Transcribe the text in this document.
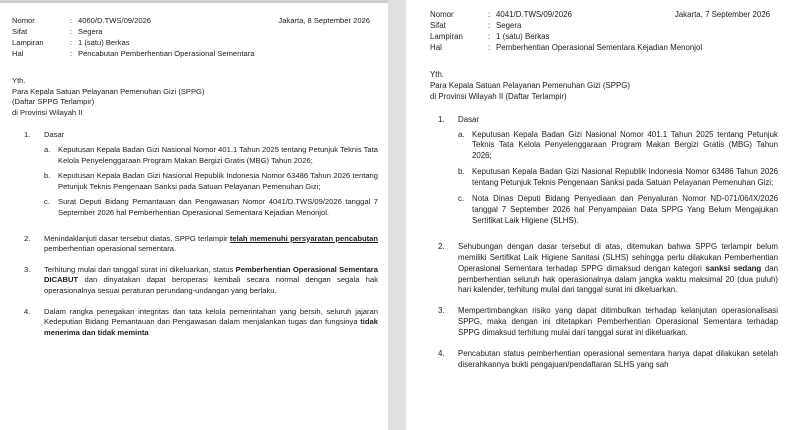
Nomor	: 4060/D.TWS/09/2026
Sifat	: Segera
Lampiran	: 1 (satu) Berkas
Hal	: Pencabutan Pemberhentian Operasional Sementara
Jakarta, 8 September 2026
Yth.
Para Kepala Satuan Pelayanan Pemenuhan Gizi (SPPG)
(Daftar SPPG Terlampir)
di Provinsi Wilayah II
1.	Dasar
a.	Keputusan Kepala Badan Gizi Nasional Nomor 401.1 Tahun 2025 tentang Petunjuk Teknis Tata Kelola Penyelenggaraan Program Makan Bergizi Gratis (MBG) Tahun 2026;
b.	Keputusan Kepala Badan Gizi Nasional Republik Indonesia Nomor 63486 Tahun 2026 tentang Petunjuk Teknis Pengenaan Sanksi pada Satuan Pelayanan Pemenuhan Gizi;
c.	Surat Deputi Bidang Pemantauan dan Pengawasan Nomor 4041/D.TWS/09/2026 tanggal 7 September 2026 hal Pemberhentian Operasional Sementara Kejadian Menonjol.
2.	Menindaklanjuti dasar tersebut diatas, SPPG terlampir telah memenuhi persyaratan pencabutan pemberhentian operasional sementara.
3.	Terhitung mulai dari tanggal surat ini dikeluarkan, status Pemberhentian Operasional Sementara DICABUT dan dinyatakan dapat beroperasi kembali secara normal dengan segala hak operasionalnya sesuai peraturan perundang-undangan yang berlaku.
4.	Dalam rangka penegakan integritas dan tata kelola pemerintahan yang bersih, seluruh jajaran Kedeputian Bidang Pemantauan dan Pengawasan dalam menjalankan tugas dan fungsinya tidak menerima dan tidak meminta
Nomor	: 4041/D.TWS/09/2026
Sifat	: Segera
Lampiran	: 1 (satu) Berkas
Hal	: Pemberhentian Operasional Sementara Kejadian Menonjol
Jakarta, 7 September 2026
Yth.
Para Kepala Satuan Pelayanan Pemenuhan Gizi (SPPG)
di Provinsi Wilayah II (Daftar Terlampir)
1.	Dasar
a. Keputusan Kepala Badan Gizi Nasional Nomor 401.1 Tahun 2025 tentang Petunjuk Teknis Tata Kelola Penyelenggaraan Program Makan Bergizi Gratis (MBG) Tahun 2026;
b. Keputusan Kepala Badan Gizi Nasional Republik Indonesia Nomor 63486 Tahun 2026 tentang Petunjuk Teknis Pengenaan Sanksi pada Satuan Pelayanan Pemenuhan Gizi;
c. Nota Dinas Deputi Bidang Penyediaan dan Penyaluran Nomor ND-071/06/IX/2026 tanggal 7 September 2026 hal Penyampaian Data SPPG Yang Belum Mengajukan Sertifikat Laik Higiene (SLHS).
2.	Sehubungan dengan dasar tersebut di atas, ditemukan bahwa SPPG terlampir belum memiliki Sertifikat Laik Higiene Sanitasi (SLHS) sehingga perlu dilakukan Pemberhentian Operasional Sementara terhadap SPPG dimaksud dengan kategori sanksi sedang dan pemberhentian seluruh hak operasionalnya dalam jangka waktu maksimal 20 (dua puluh) hari kalender, terhitung mulai dari tanggal surat ini dikeluarkan.
3.	Mempertimbangkan risiko yang dapat ditimbulkan terhadap kelanjutan operasionalisasi SPPG, maka dengan ini ditetapkan Pemberhentian Operasional Sementara terhadap SPPG dimaksud terhitung mulai dari tanggal surat ini dikeluarkan.
4.	Pencabutan status pemberhentian operasional sementara hanya dapat dilakukan setelah diserahkannya bukti pengajuan/pendaftaran SLHS yang sah
